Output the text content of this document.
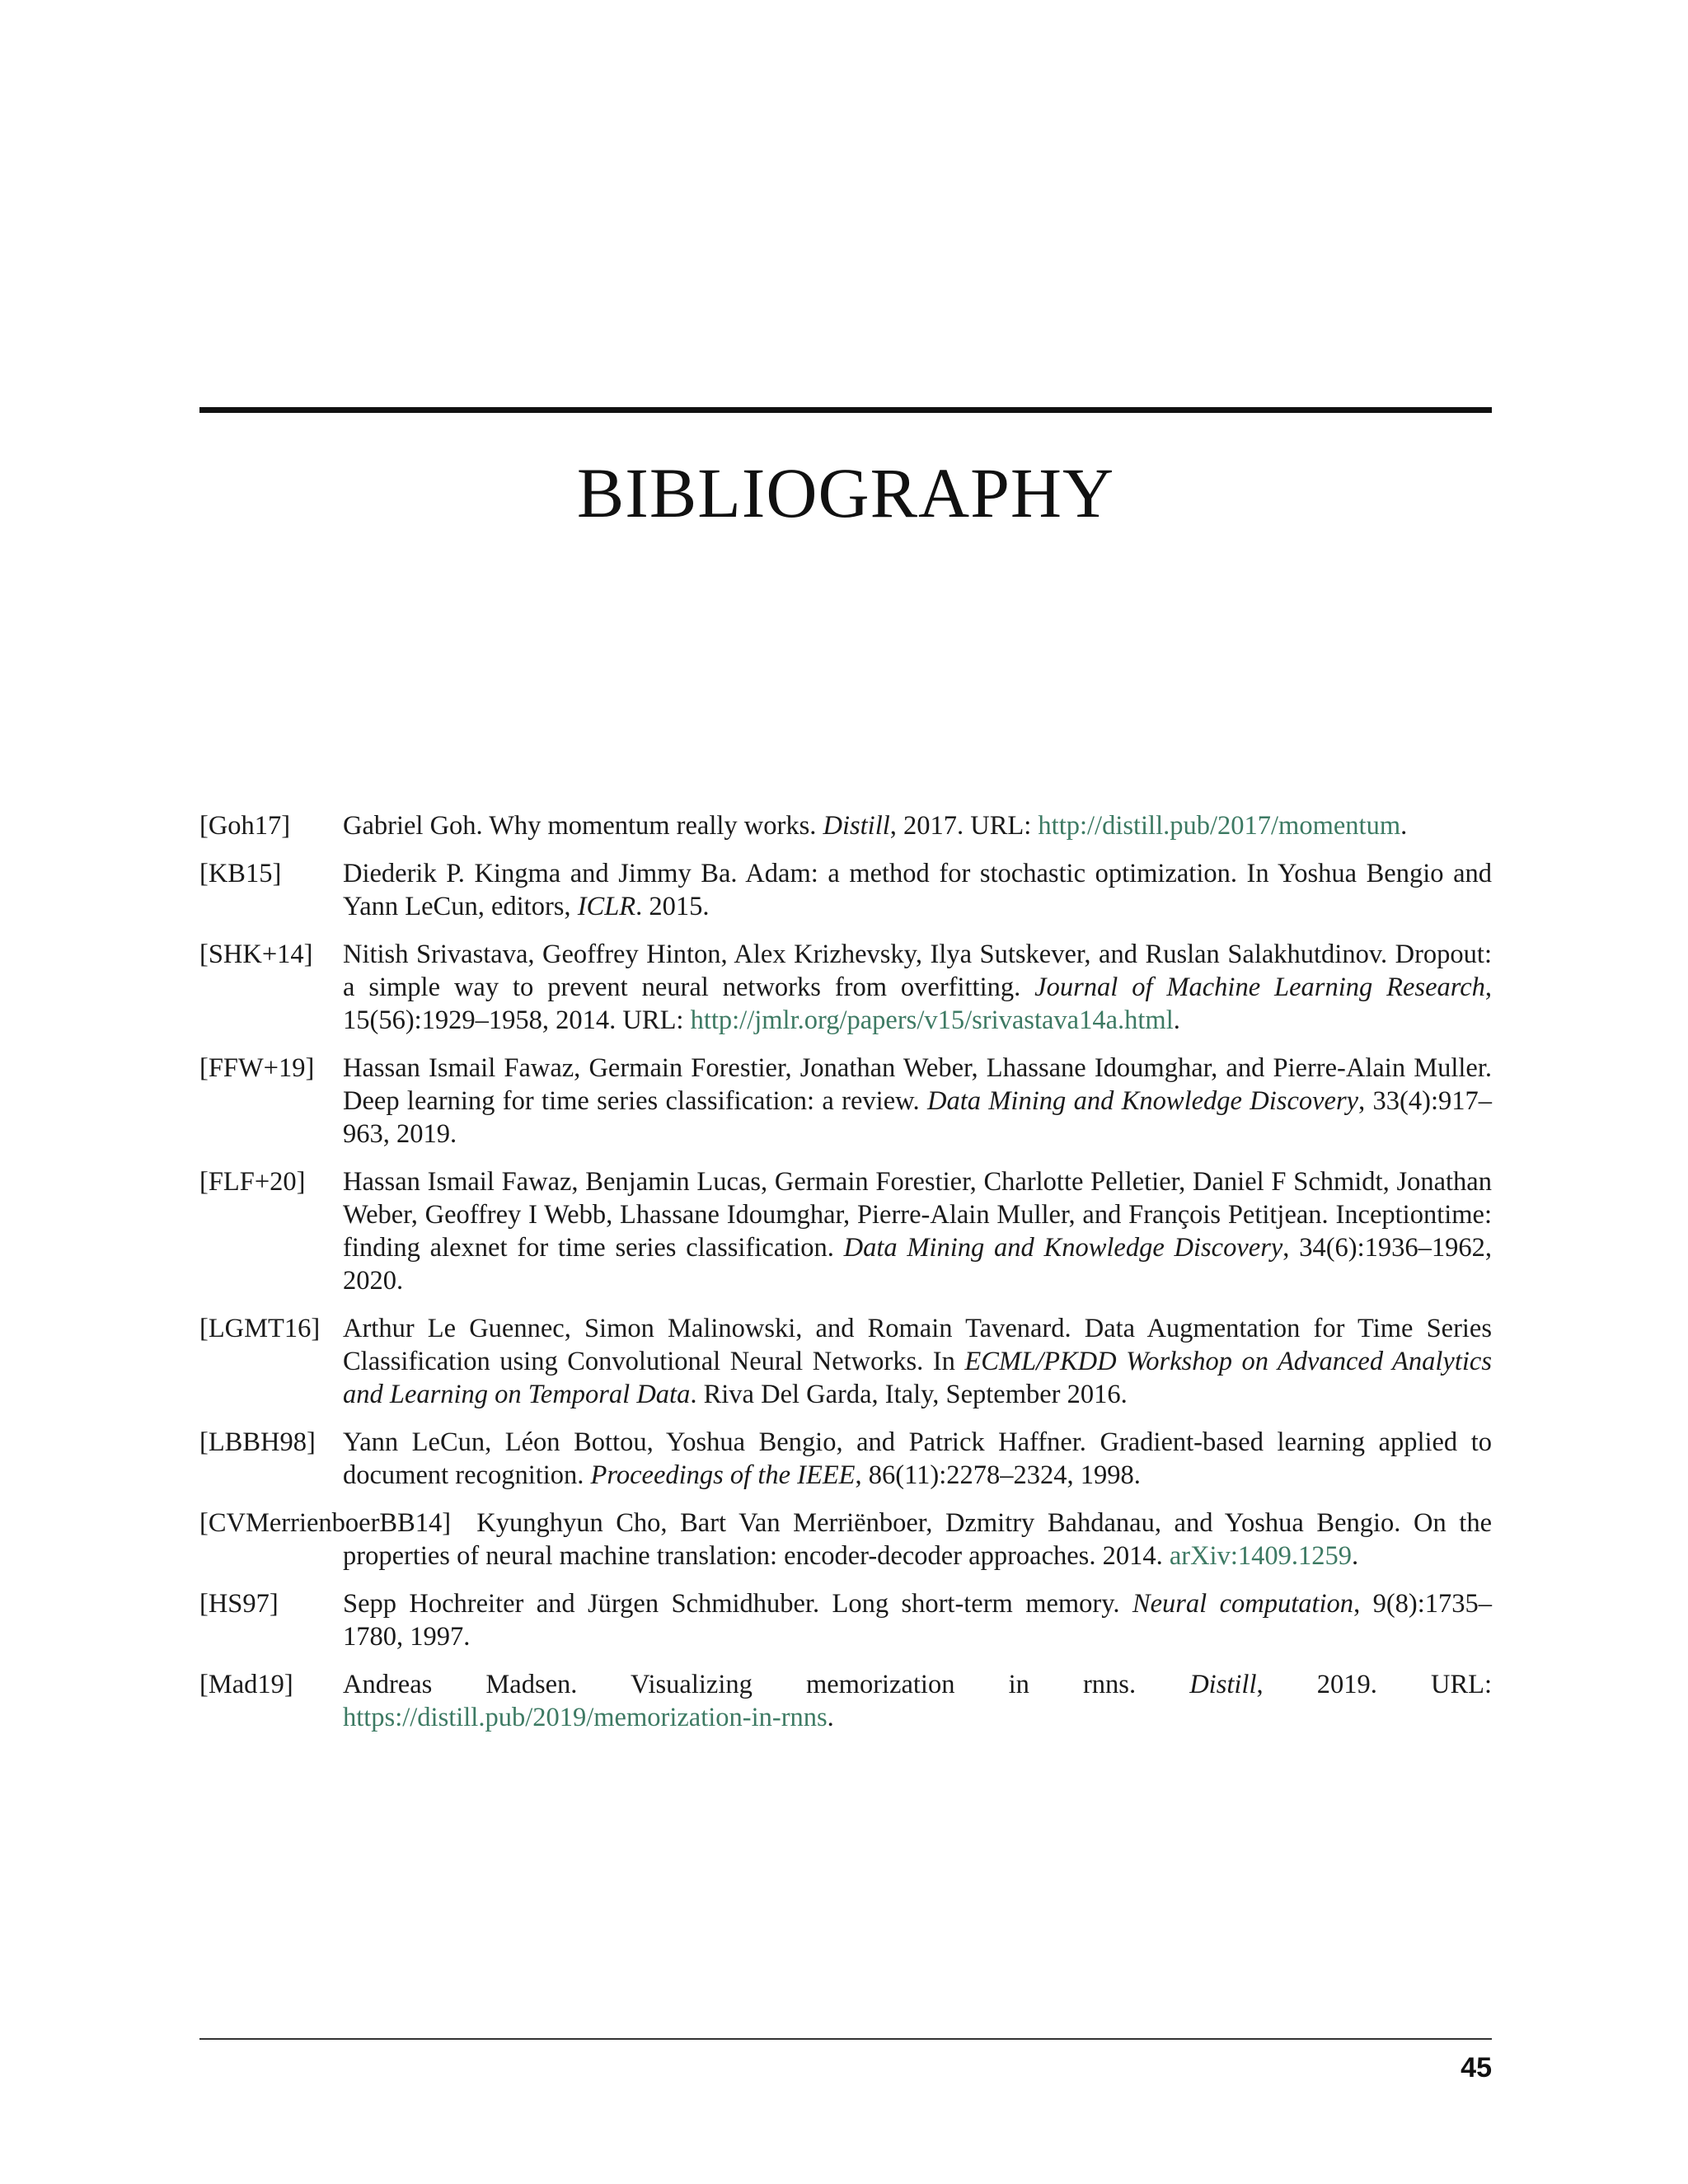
BIBLIOGRAPHY
[Goh17] Gabriel Goh. Why momentum really works. Distill, 2017. URL: http://distill.pub/2017/momentum.
[KB15] Diederik P. Kingma and Jimmy Ba. Adam: a method for stochastic optimization. In Yoshua Bengio and Yann LeCun, editors, ICLR. 2015.
[SHK+14] Nitish Srivastava, Geoffrey Hinton, Alex Krizhevsky, Ilya Sutskever, and Ruslan Salakhutdinov. Dropout: a simple way to prevent neural networks from overfitting. Journal of Machine Learning Research, 15(56):1929–1958, 2014. URL: http://jmlr.org/papers/v15/srivastava14a.html.
[FFW+19] Hassan Ismail Fawaz, Germain Forestier, Jonathan Weber, Lhassane Idoumghar, and Pierre-Alain Muller. Deep learning for time series classification: a review. Data Mining and Knowledge Discovery, 33(4):917–963, 2019.
[FLF+20] Hassan Ismail Fawaz, Benjamin Lucas, Germain Forestier, Charlotte Pelletier, Daniel F Schmidt, Jonathan Weber, Geoffrey I Webb, Lhassane Idoumghar, Pierre-Alain Muller, and François Petitjean. Inceptiontime: finding alexnet for time series classification. Data Mining and Knowledge Discovery, 34(6):1936–1962, 2020.
[LGMT16] Arthur Le Guennec, Simon Malinowski, and Romain Tavenard. Data Augmentation for Time Series Classification using Convolutional Neural Networks. In ECML/PKDD Workshop on Advanced Analytics and Learning on Temporal Data. Riva Del Garda, Italy, September 2016.
[LBBH98] Yann LeCun, Léon Bottou, Yoshua Bengio, and Patrick Haffner. Gradient-based learning applied to document recognition. Proceedings of the IEEE, 86(11):2278–2324, 1998.
[CVMerrienboerBB14] Kyunghyun Cho, Bart Van Merriënboer, Dzmitry Bahdanau, and Yoshua Bengio. On the properties of neural machine translation: encoder-decoder approaches. 2014. arXiv:1409.1259.
[HS97] Sepp Hochreiter and Jürgen Schmidhuber. Long short-term memory. Neural computation, 9(8):1735–1780, 1997.
[Mad19] Andreas Madsen. Visualizing memorization in rnns. Distill, 2019. URL: https://distill.pub/2019/memorization-in-rnns.
45
